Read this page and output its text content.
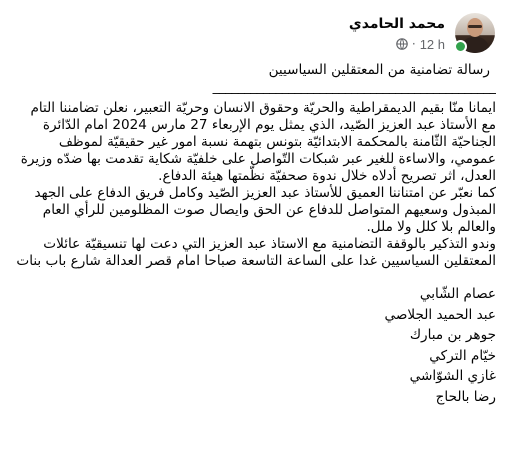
محمد الحامدي
· 12 h
رسالة تضامنية من المعتقلين السياسيين
_____________________________________________

ايمانا منّا بقيم الديمقراطية والحريّة وحقوق الانسان وحريّة التعبير، نعلن تضامننا التام مع الأستاذ عبد العزيز الصّيد، الذي يمثل يوم الإربعاء 27 مارس 2024 امام الدّائرة الجناحيّة الثّامنة بالمحكمة الابتدائيّة بتونس بتهمة نسبة امور غير حقيقيّة لموظف عمومي، والاساءة للغير عبر شبكات التّواصل على خلفيّة شكاية تقدمت بها ضدّه وزيرة العدل، اثر تصريح أدلاه خلال ندوة صحفيّة نظّمتها هيئة الدفاع.

كما نعبّر عن امتناننا العميق للأستاذ عبد العزيز الصّيد وكامل فريق الدفاع على الجهد المبذول وسعيهم المتواصل للدفاع عن الحق وايصال صوت المظلومين للرأي العام والعالم بلا كلل ولا ملل.

وندو التذكير بالوقفة التضامنية مع الاستاذ عبد العزيز التي دعت لها تنسيقيّة عائلات المعتقلين السياسيين غدا على الساعة التاسعة صباحا امام قصر العدالة شارع باب بنات

عصام الشّابي
عبد الحميد الجلاصي
جوهر بن مبارك
خيّام التركي
غازي الشوّاشي
رضا بالحاج
